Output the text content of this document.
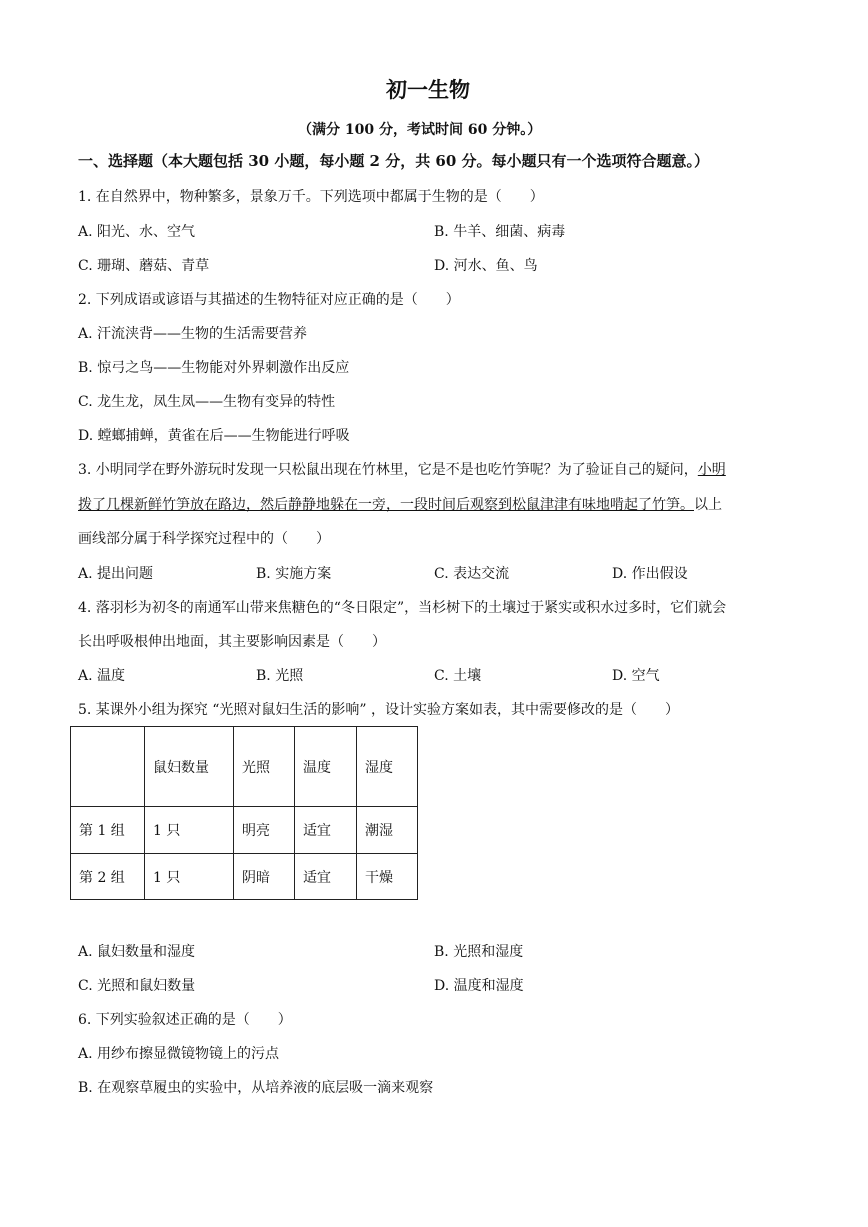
初一生物
（满分 100 分，考试时间 60 分钟。）
一、选择题（本大题包括 30 小题，每小题 2 分，共 60 分。每小题只有一个选项符合题意。）
1. 在自然界中，物种繁多，景象万千。下列选项中都属于生物的是（　　）
A. 阳光、水、空气	B. 牛羊、细菌、病毒
C. 珊瑚、蘑菇、青草	D. 河水、鱼、鸟
2. 下列成语或谚语与其描述的生物特征对应正确的是（　　）
A. 汗流浃背——生物的生活需要营养
B. 惊弓之鸟——生物能对外界刺激作出反应
C. 龙生龙，凤生凤——生物有变异的特性
D. 螳螂捕蝉，黄雀在后——生物能进行呼吸
3. 小明同学在野外游玩时发现一只松鼠出现在竹林里，它是不是也吃竹笋呢？为了验证自己的疑问，小明
拨了几棵新鲜竹笋放在路边，然后静静地躲在一旁，一段时间后观察到松鼠津津有味地啃起了竹笋。以上
画线部分属于科学探究过程中的（　　）
A. 提出问题	B. 实施方案	C. 表达交流	D. 作出假设
4. 落羽杉为初冬的南通军山带来焦糖色的“冬日限定”，当杉树下的土壤过于紧实或积水过多时，它们就会
长出呼吸根伸出地面，其主要影响因素是（　　）
A. 温度	B. 光照	C. 土壤	D. 空气
5. 某课外小组为探究 “光照对鼠妇生活的影响” ，设计实验方案如表，其中需要修改的是（　　）
	鼠妇数量	光照	温度	湿度
第 1 组	1 只	明亮	适宜	潮湿
第 2 组	1 只	阴暗	适宜	干燥
A. 鼠妇数量和湿度	B. 光照和湿度
C. 光照和鼠妇数量	D. 温度和湿度
6. 下列实验叙述正确的是（　　）
A. 用纱布擦显微镜物镜上的污点
B. 在观察草履虫的实验中，从培养液的底层吸一滴来观察
